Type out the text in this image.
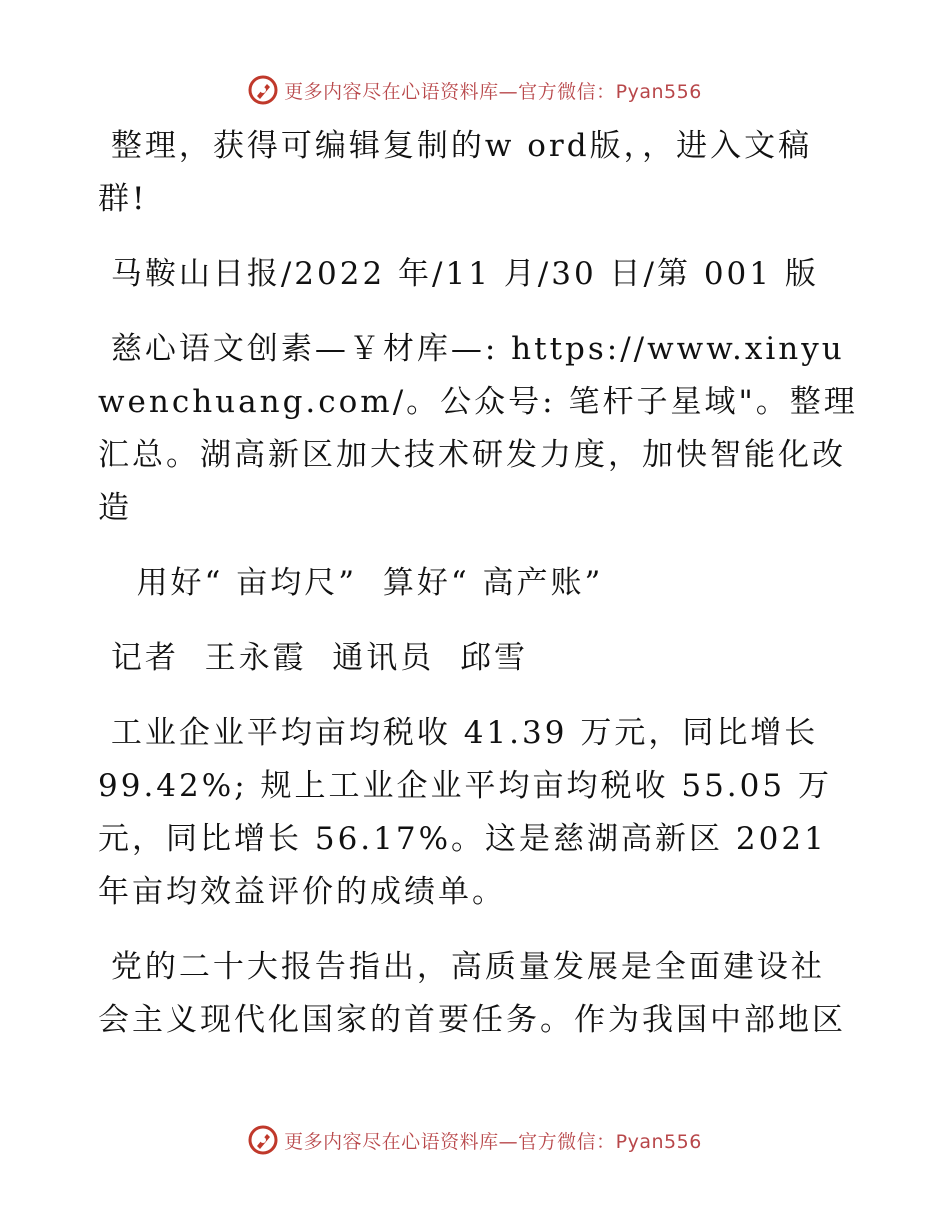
更多内容尽在心语资料库—官方微信：Pyan556
整理，获得可编辑复制的w ord版，，进入文稿群!
马鞍山日报/2022 年/11 月/30 日/第 001 版
慈心语文创素—￥材库—: https://www.xinyuwenchuang.com/。公众号: 笔杆子星域"。整理汇总。湖高新区加大技术研发力度，加快智能化改造
用好“ 亩均尺”  算好“ 高产账”
记者  王永霞  通讯员  邱雪
工业企业平均亩均税收 41.39 万元，同比增长 99.42%; 规上工业企业平均亩均税收 55.05 万元，同比增长 56.17%。这是慈湖高新区 2021 年亩均效益评价的成绩单。
党的二十大报告指出，高质量发展是全面建设社会主义现代化国家的首要任务。作为我国中部地区
更多内容尽在心语资料库—官方微信：Pyan556
